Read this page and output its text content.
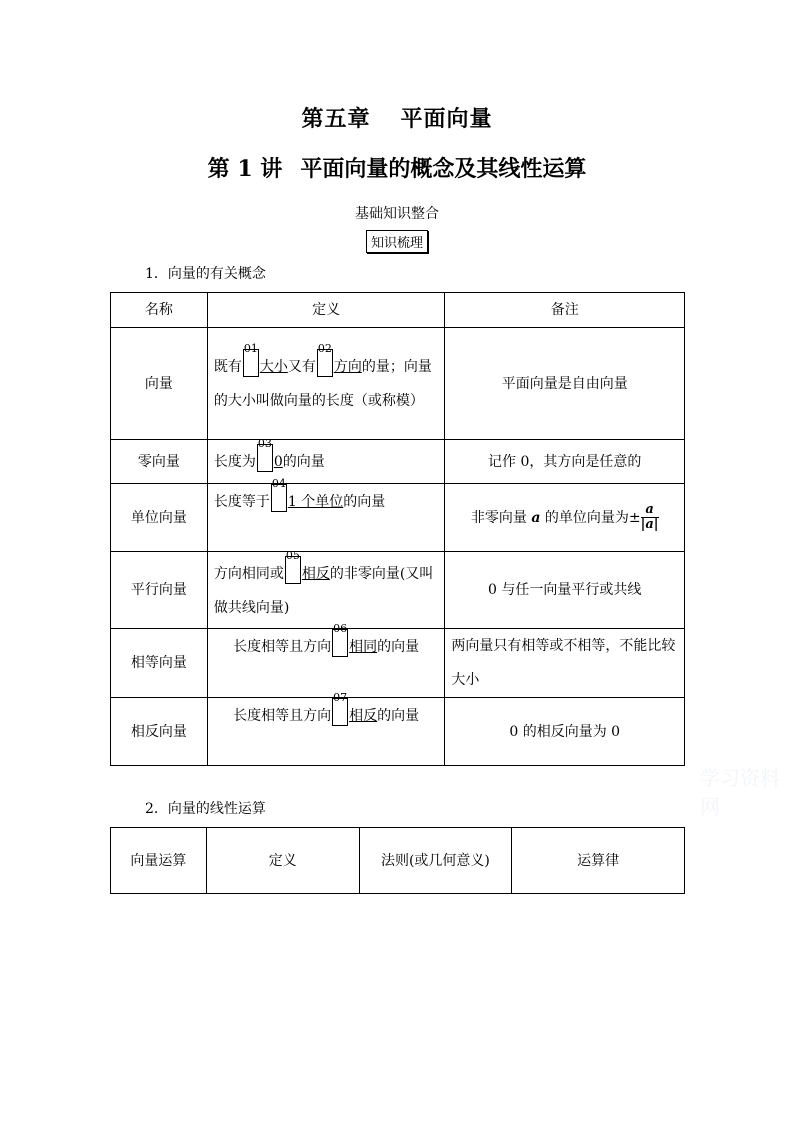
第五章 平面向量
第 1 讲 平面向量的概念及其线性运算
基础知识整合
知识梳理
1．向量的有关概念
名称	定义	备注
向量	既有
01
大小又有
02
方向的量；向量的大小叫做向量的长度（或称模）	平面向量是自由向量
零向量	长度为
03
0的向量	记作 0，其方向是任意的
单位向量	长度等于
04
1 个单位的向量	非零向量 a 的单位向量为± $\frac{a}{|a|}$

平行向量	方向相同或
05
相反的非零向量(又叫做共线向量)	0 与任一向量平行或共线
相等向量	长度相等且方向
06
相同的向量	两向量只有相等或不相等，不能比较大小
相反向量	长度相等且方向
07
相反的向量	0 的相反向量为 0
学习资料网
2．向量的线性运算
向量运算	定义	法则(或几何意义)	运算律
